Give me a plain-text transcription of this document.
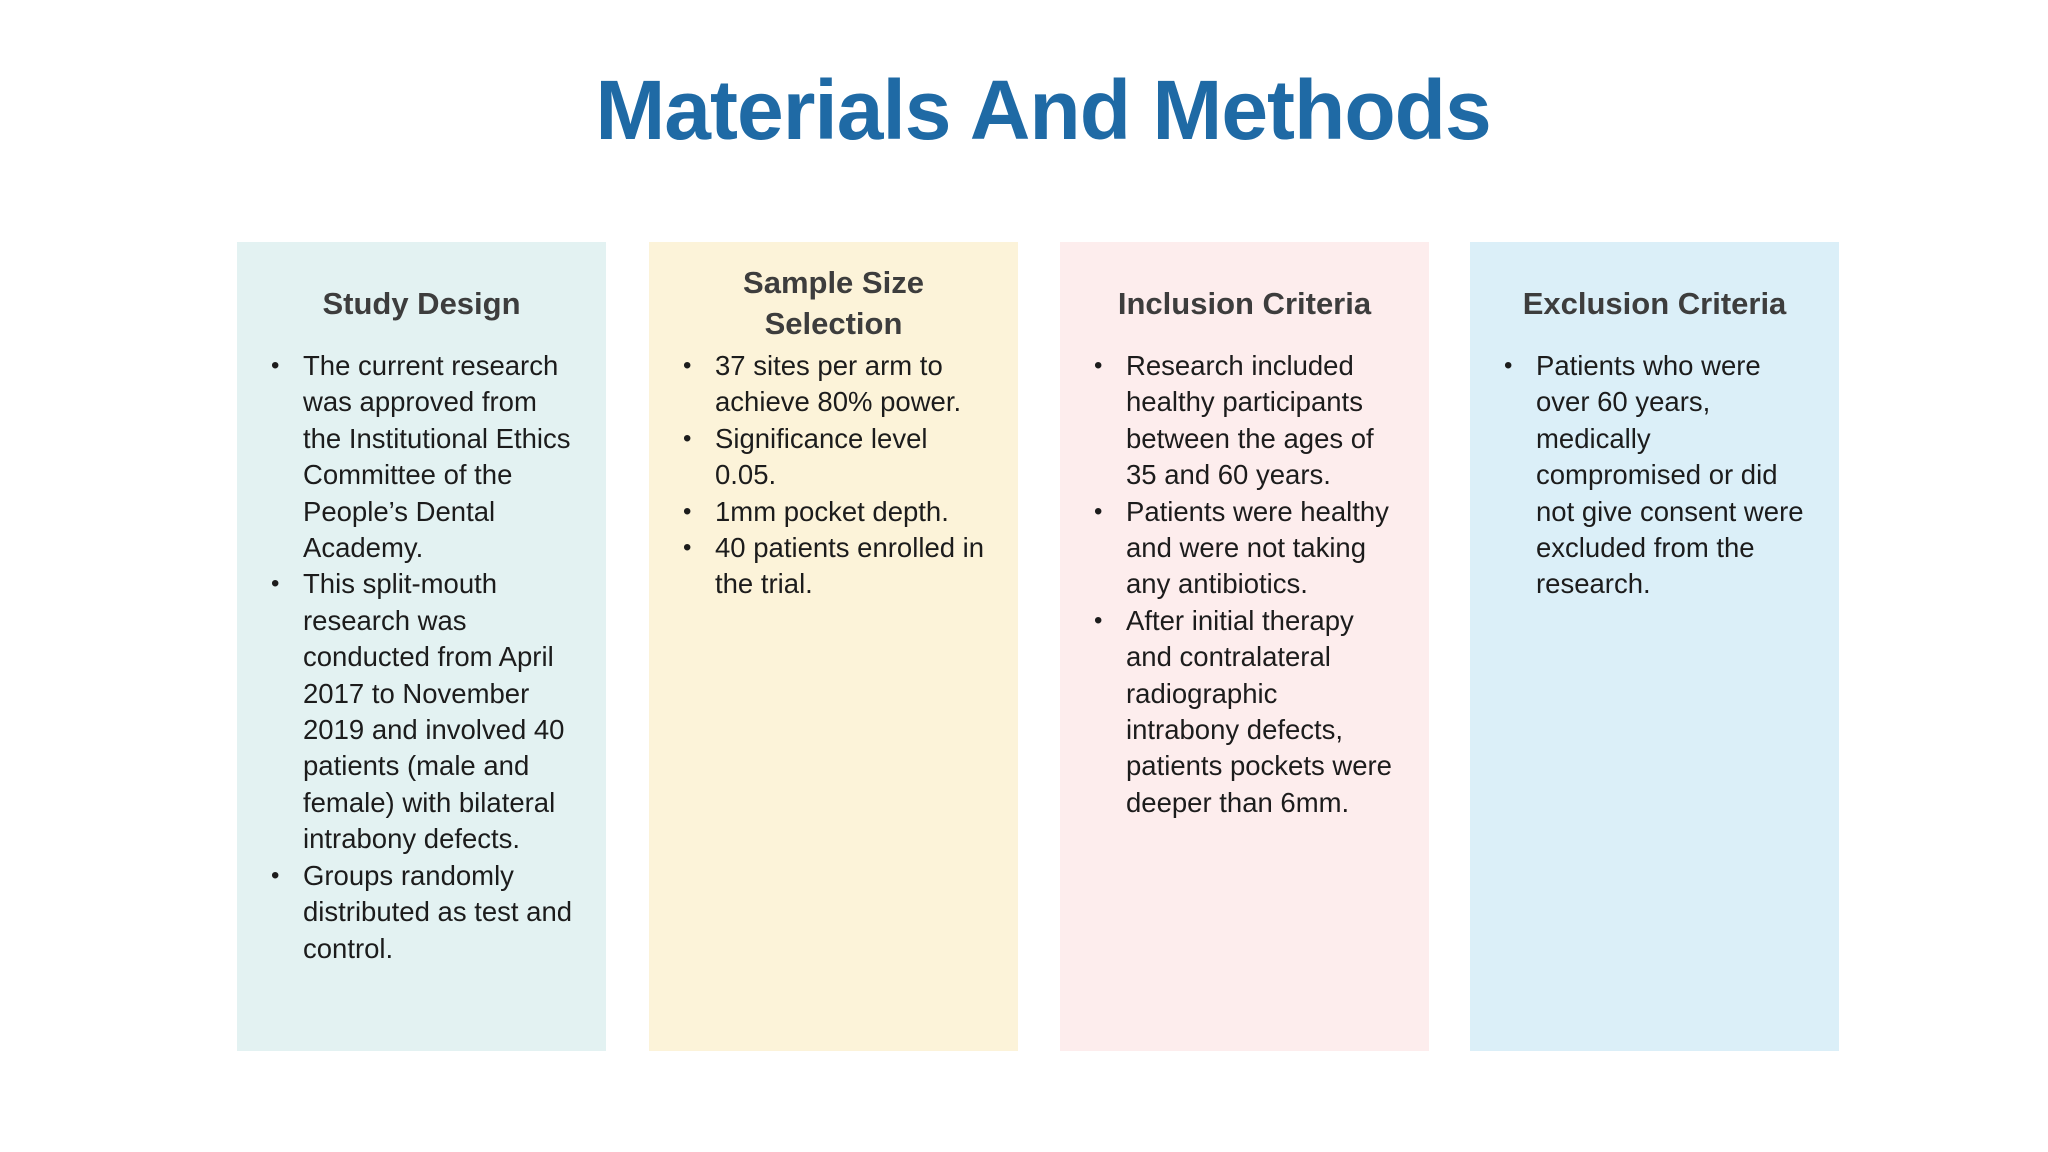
Materials And Methods
Study Design
• The current research was approved from the Institutional Ethics Committee of the People’s Dental Academy.
• This split-mouth research was conducted from April 2017 to November 2019 and involved 40 patients (male and female) with bilateral intrabony defects.
• Groups randomly distributed as test and control.
Sample Size Selection
• 37 sites per arm to achieve 80% power.
• Significance level 0.05.
• 1mm pocket depth.
• 40 patients enrolled in the trial.
Inclusion Criteria
• Research included healthy participants between the ages of 35 and 60 years.
• Patients were healthy and were not taking any antibiotics.
• After initial therapy and contralateral radiographic intrabony defects, patients pockets were deeper than 6mm.
Exclusion Criteria
• Patients who were over 60 years, medically compromised or did not give consent were excluded from the research.
